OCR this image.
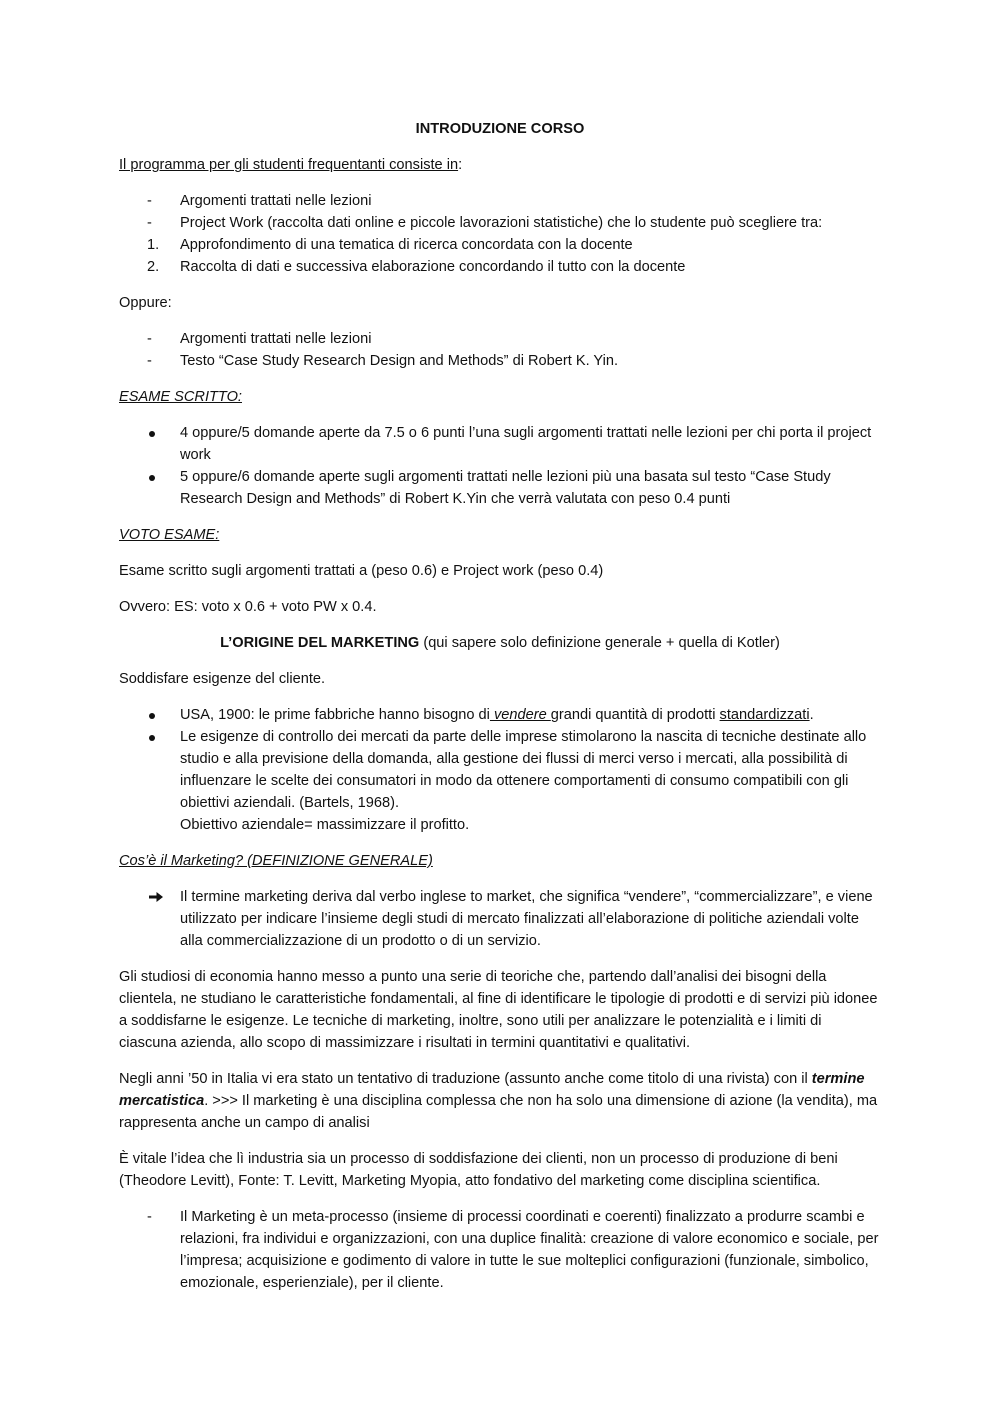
INTRODUZIONE CORSO

Il programma per gli studenti frequentanti consiste in:

-	Argomenti trattati nelle lezioni
-	Project Work (raccolta dati online e piccole lavorazioni statistiche) che lo studente può scegliere tra:
1.	Approfondimento di una tematica di ricerca concordata con la docente
2.	Raccolta di dati e successiva elaborazione concordando il tutto con la docente

Oppure:

-	Argomenti trattati nelle lezioni
-	Testo “Case Study Research Design and Methods” di Robert K. Yin.

ESAME SCRITTO:

4 oppure/5 domande aperte da 7.5 o 6 punti l’una sugli argomenti trattati nelle lezioni per chi porta il project work
5 oppure/6 domande aperte sugli argomenti trattati nelle lezioni più una basata sul testo “Case Study Research Design and Methods” di Robert K.Yin che verrà valutata con peso 0.4 punti

VOTO ESAME:

Esame scritto sugli argomenti trattati a (peso 0.6) e Project work (peso 0.4)

Ovvero: ES: voto x 0.6 + voto PW x 0.4.

L’ORIGINE DEL MARKETING (qui sapere solo definizione generale + quella di Kotler)

Soddisfare esigenze del cliente.

USA, 1900: le prime fabbriche hanno bisogno di vendere grandi quantità di prodotti standardizzati.
Le esigenze di controllo dei mercati da parte delle imprese stimolarono la nascita di tecniche destinate allo studio e alla previsione della domanda, alla gestione dei flussi di merci verso i mercati, alla possibilità di influenzare le scelte dei consumatori in modo da ottenere comportamenti di consumo compatibili con gli obiettivi aziendali. (Bartels, 1968).
Obiettivo aziendale= massimizzare il profitto.

Cos’è il Marketing? (DEFINIZIONE GENERALE)

Il termine marketing deriva dal verbo inglese to market, che significa “vendere”, “commercializzare”, e viene utilizzato per indicare l’insieme degli studi di mercato finalizzati all’elaborazione di politiche aziendali volte alla commercializzazione di un prodotto o di un servizio.

Gli studiosi di economia hanno messo a punto una serie di teoriche che, partendo dall’analisi dei bisogni della clientela, ne studiano le caratteristiche fondamentali, al fine di identificare le tipologie di prodotti e di servizi più idonee a soddisfarne le esigenze. Le tecniche di marketing, inoltre, sono utili per analizzare le potenzialità e i limiti di ciascuna azienda, allo scopo di massimizzare i risultati in termini quantitativi e qualitativi.

Negli anni ’50 in Italia vi era stato un tentativo di traduzione (assunto anche come titolo di una rivista) con il termine mercatistica. >>> Il marketing è una disciplina complessa che non ha solo una dimensione di azione (la vendita), ma rappresenta anche un campo di analisi

È vitale l’idea che lì industria sia un processo di soddisfazione dei clienti, non un processo di produzione di beni (Theodore Levitt), Fonte: T. Levitt, Marketing Myopia, atto fondativo del marketing come disciplina scientifica.

-	Il Marketing è un meta-processo (insieme di processi coordinati e coerenti) finalizzato a produrre scambi e relazioni, fra individui e organizzazioni, con una duplice finalità: creazione di valore economico e sociale, per l’impresa; acquisizione e godimento di valore in tutte le sue molteplici configurazioni (funzionale, simbolico, emozionale, esperienziale), per il cliente.
